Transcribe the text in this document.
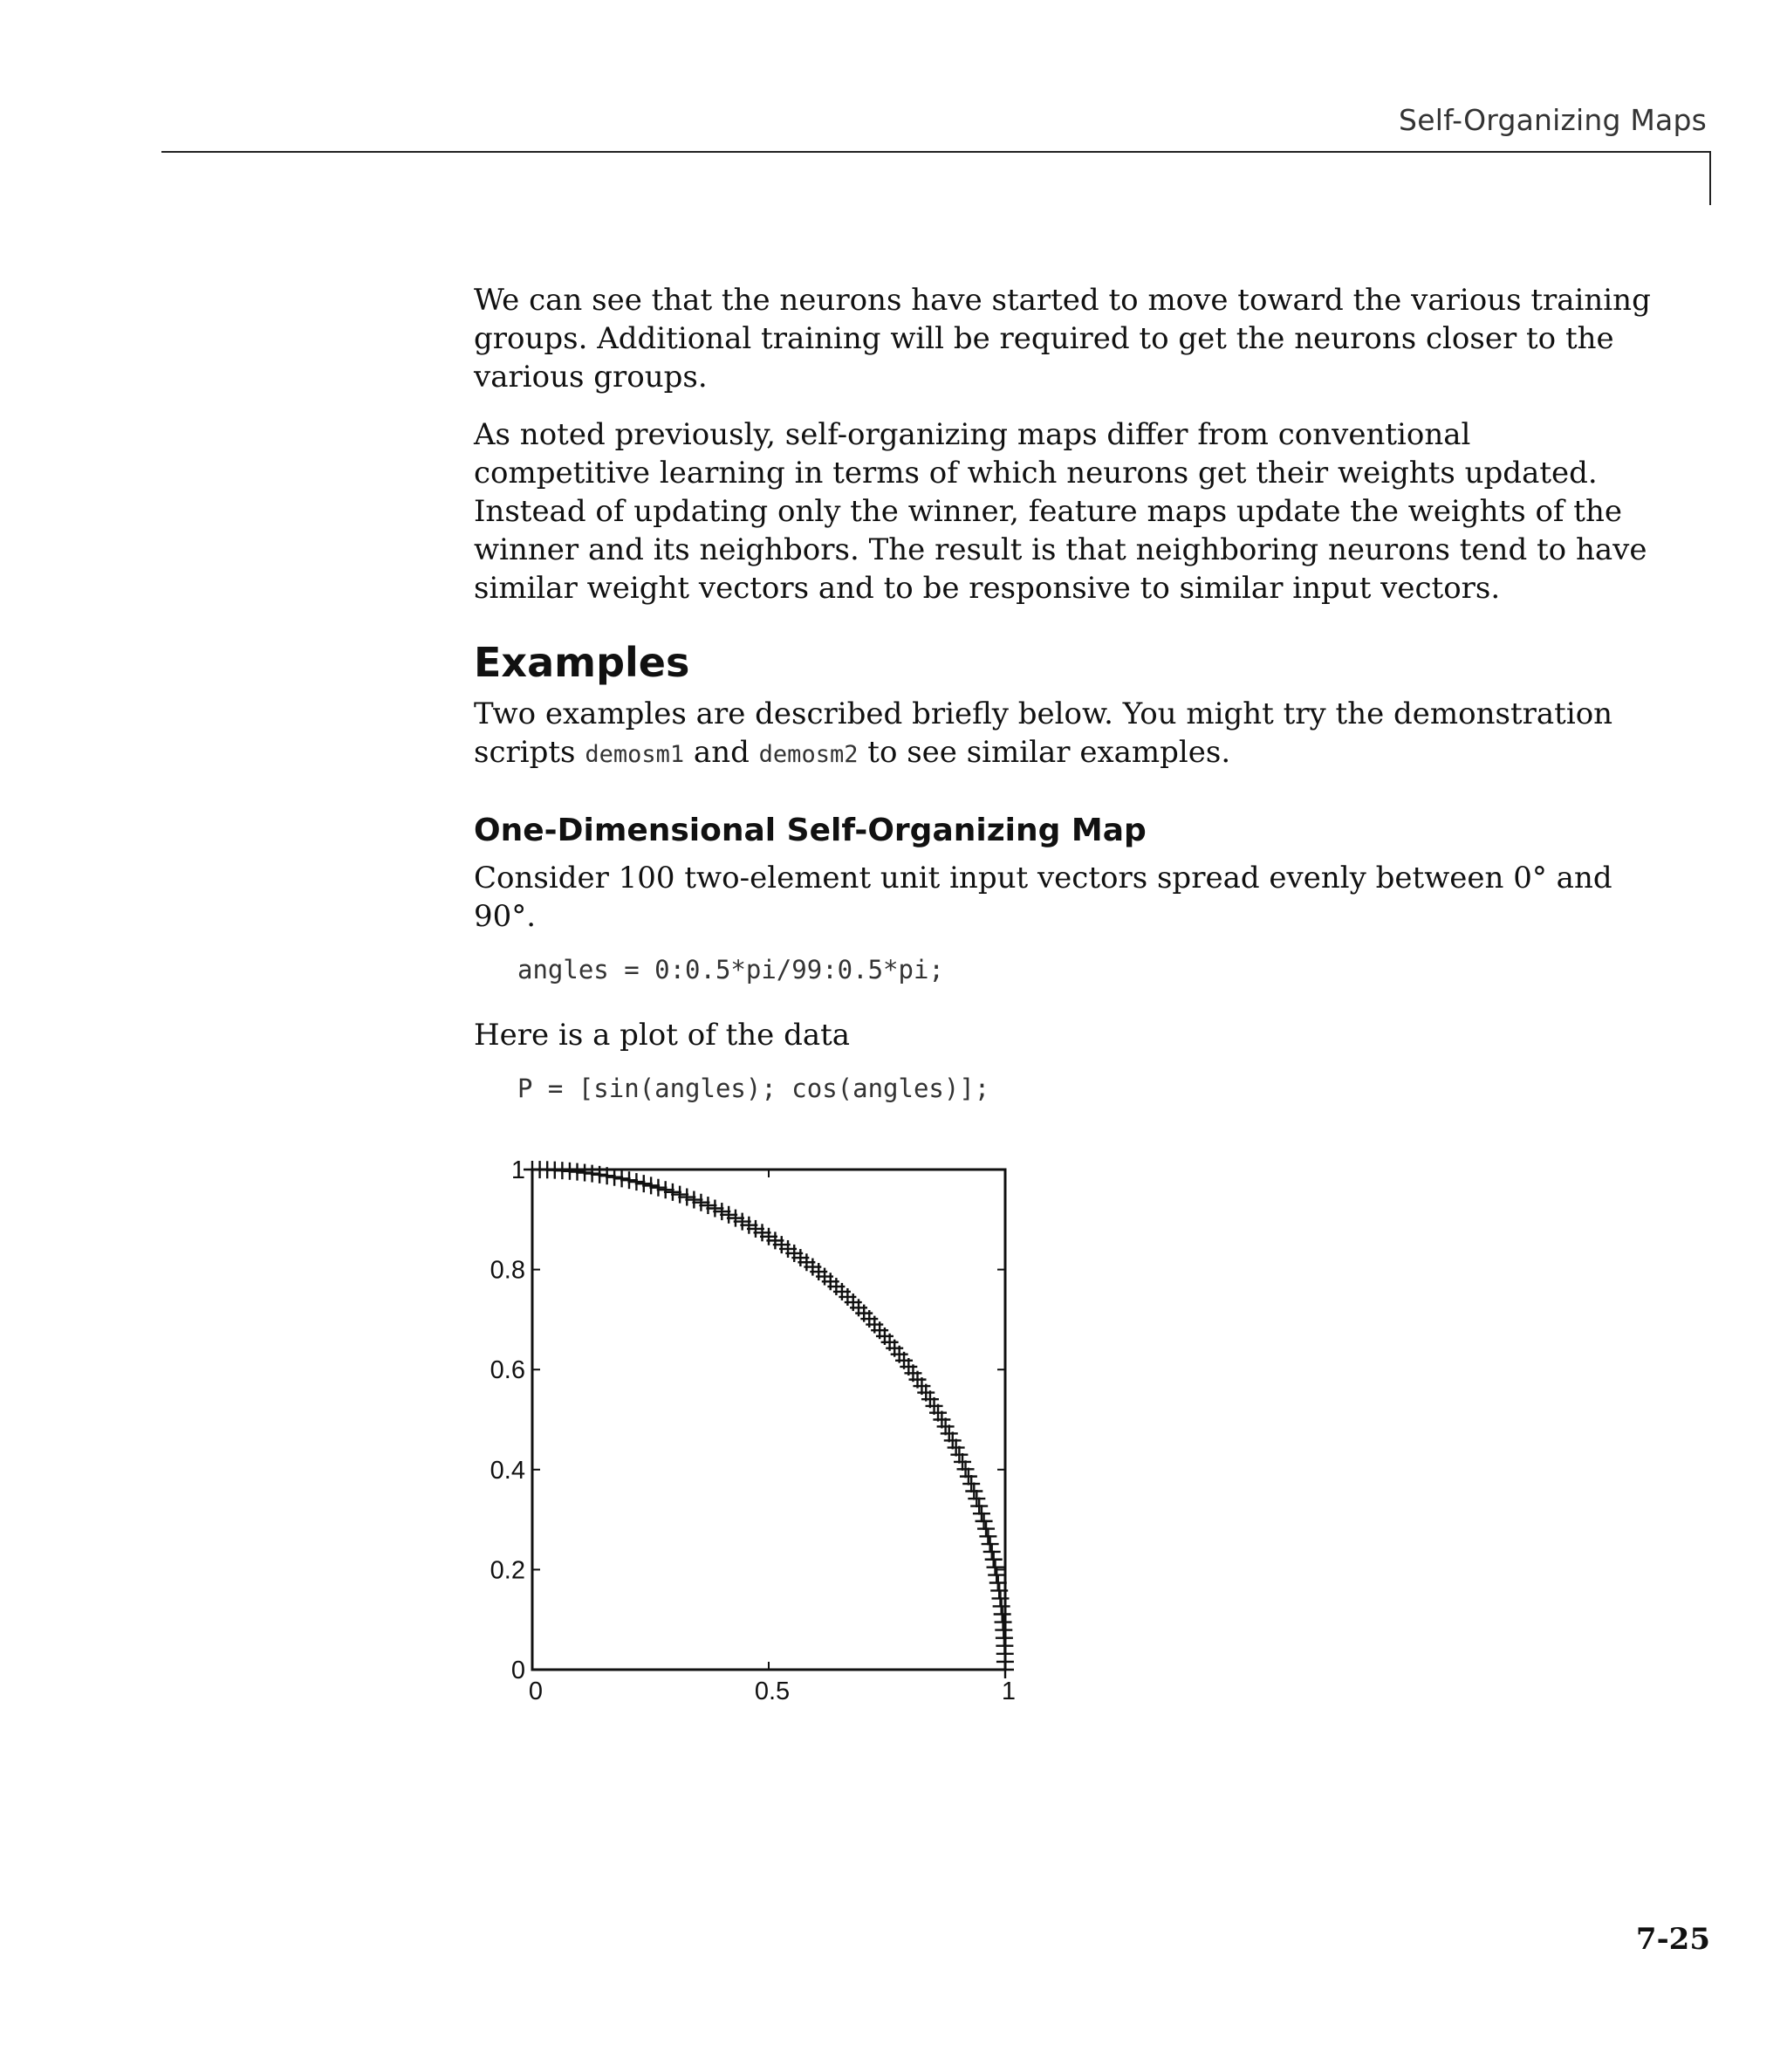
Self-Organizing Maps

We can see that the neurons have started to move toward the various training groups. Additional training will be required to get the neurons closer to the various groups.

As noted previously, self-organizing maps differ from conventional competitive learning in terms of which neurons get their weights updated. Instead of updating only the winner, feature maps update the weights of the winner and its neighbors. The result is that neighboring neurons tend to have similar weight vectors and to be responsive to similar input vectors.

Examples

Two examples are described briefly below. You might try the demonstration scripts demosm1 and demosm2 to see similar examples.

One-Dimensional Self-Organizing Map

Consider 100 two-element unit input vectors spread evenly between 0° and 90°.

angles = 0:0.5*pi/99:0.5*pi;

Here is a plot of the data

P = [sin(angles); cos(angles)];
0
0.2
0.4
0.6
0.8
1
0	0.5	1
7-25
